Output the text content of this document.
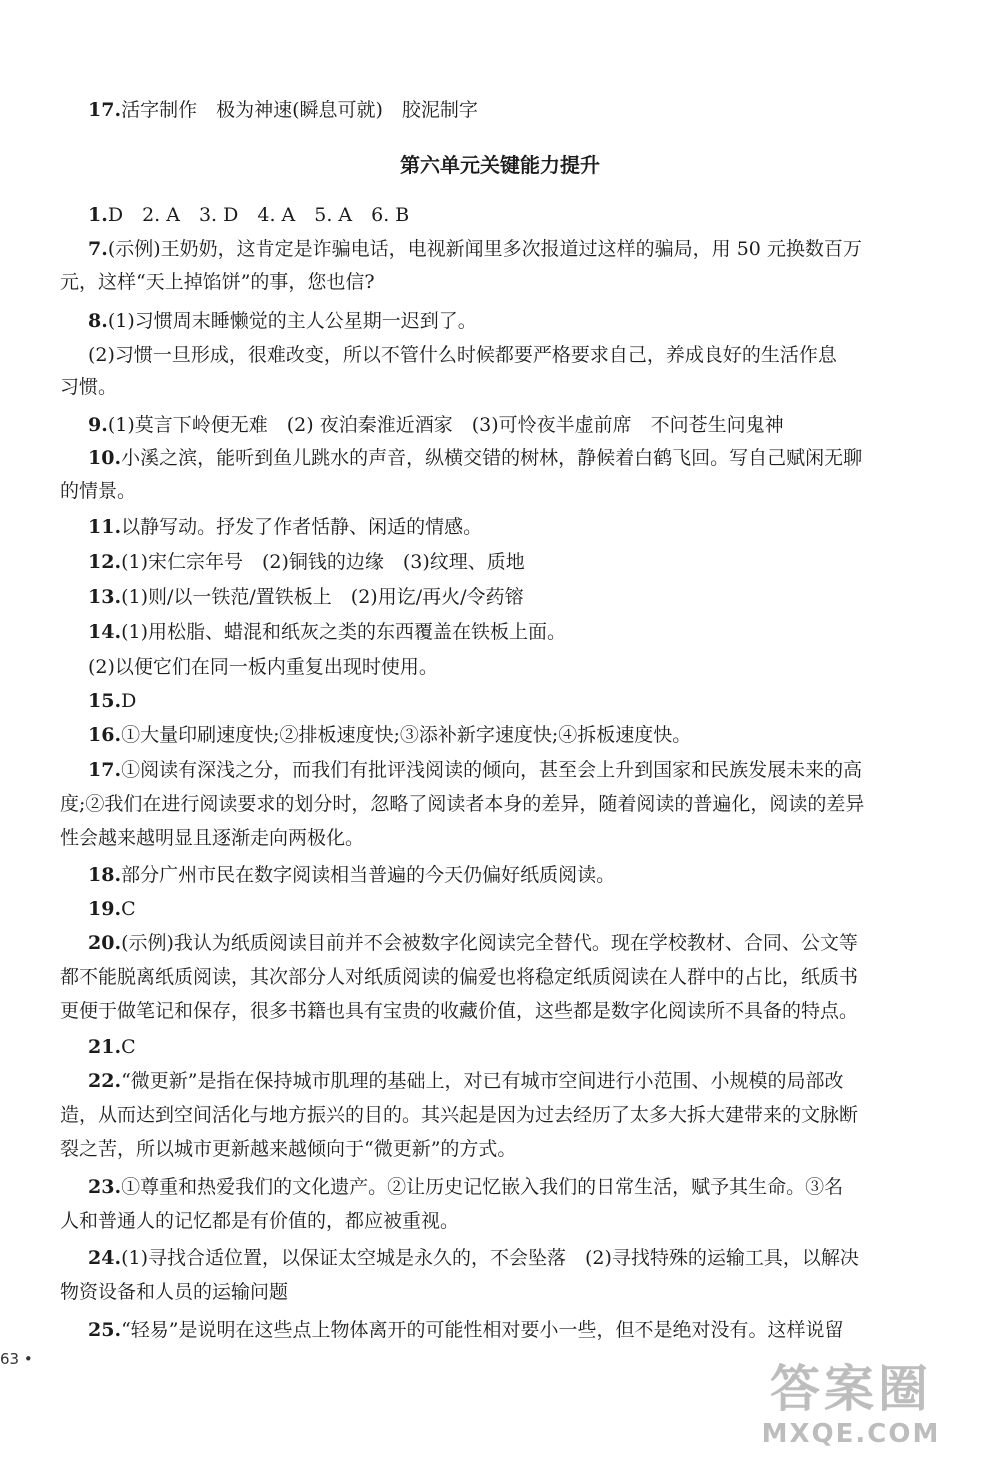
17.活字制作　极为神速(瞬息可就)　胶泥制字
第六单元关键能力提升
1.D　2. A　3. D　4. A　5. A　6. B
7.(示例)王奶奶，这肯定是诈骗电话，电视新闻里多次报道过这样的骗局，用 50 元换数百万
元，这样“天上掉馅饼”的事，您也信?
8.(1)习惯周末睡懒觉的主人公星期一迟到了。
(2)习惯一旦形成，很难改变，所以不管什么时候都要严格要求自己，养成良好的生活作息
习惯。
9.(1)莫言下岭便无难　(2) 夜泊秦淮近酒家　(3)可怜夜半虚前席　不问苍生问鬼神
10.小溪之滨，能听到鱼儿跳水的声音，纵横交错的树林，静候着白鹤飞回。写自己赋闲无聊
的情景。
11.以静写动。抒发了作者恬静、闲适的情感。
12.(1)宋仁宗年号　(2)铜钱的边缘　(3)纹理、质地
13.(1)则/以一铁范/置铁板上　(2)用讫/再火/令药镕
14.(1)用松脂、蜡混和纸灰之类的东西覆盖在铁板上面。
(2)以便它们在同一板内重复出现时使用。
15.D
16.①大量印刷速度快;②排板速度快;③添补新字速度快;④拆板速度快。
17.①阅读有深浅之分，而我们有批评浅阅读的倾向，甚至会上升到国家和民族发展未来的高
度;②我们在进行阅读要求的划分时，忽略了阅读者本身的差异，随着阅读的普遍化，阅读的差异
性会越来越明显且逐渐走向两极化。
18.部分广州市民在数字阅读相当普遍的今天仍偏好纸质阅读。
19.C
20.(示例)我认为纸质阅读目前并不会被数字化阅读完全替代。现在学校教材、合同、公文等
都不能脱离纸质阅读，其次部分人对纸质阅读的偏爱也将稳定纸质阅读在人群中的占比，纸质书
更便于做笔记和保存，很多书籍也具有宝贵的收藏价值，这些都是数字化阅读所不具备的特点。
21.C
22.“微更新”是指在保持城市肌理的基础上，对已有城市空间进行小范围、小规模的局部改
造，从而达到空间活化与地方振兴的目的。其兴起是因为过去经历了太多大拆大建带来的文脉断
裂之苦，所以城市更新越来越倾向于“微更新”的方式。
23.①尊重和热爱我们的文化遗产。②让历史记忆嵌入我们的日常生活，赋予其生命。③名
人和普通人的记忆都是有价值的，都应被重视。
24.(1)寻找合适位置，以保证太空城是永久的，不会坠落　(2)寻找特殊的运输工具，以解决
物资设备和人员的运输问题
25.“轻易”是说明在这些点上物体离开的可能性相对要小一些，但不是绝对没有。这样说留
63 •
答案圈
MXQE.COM
